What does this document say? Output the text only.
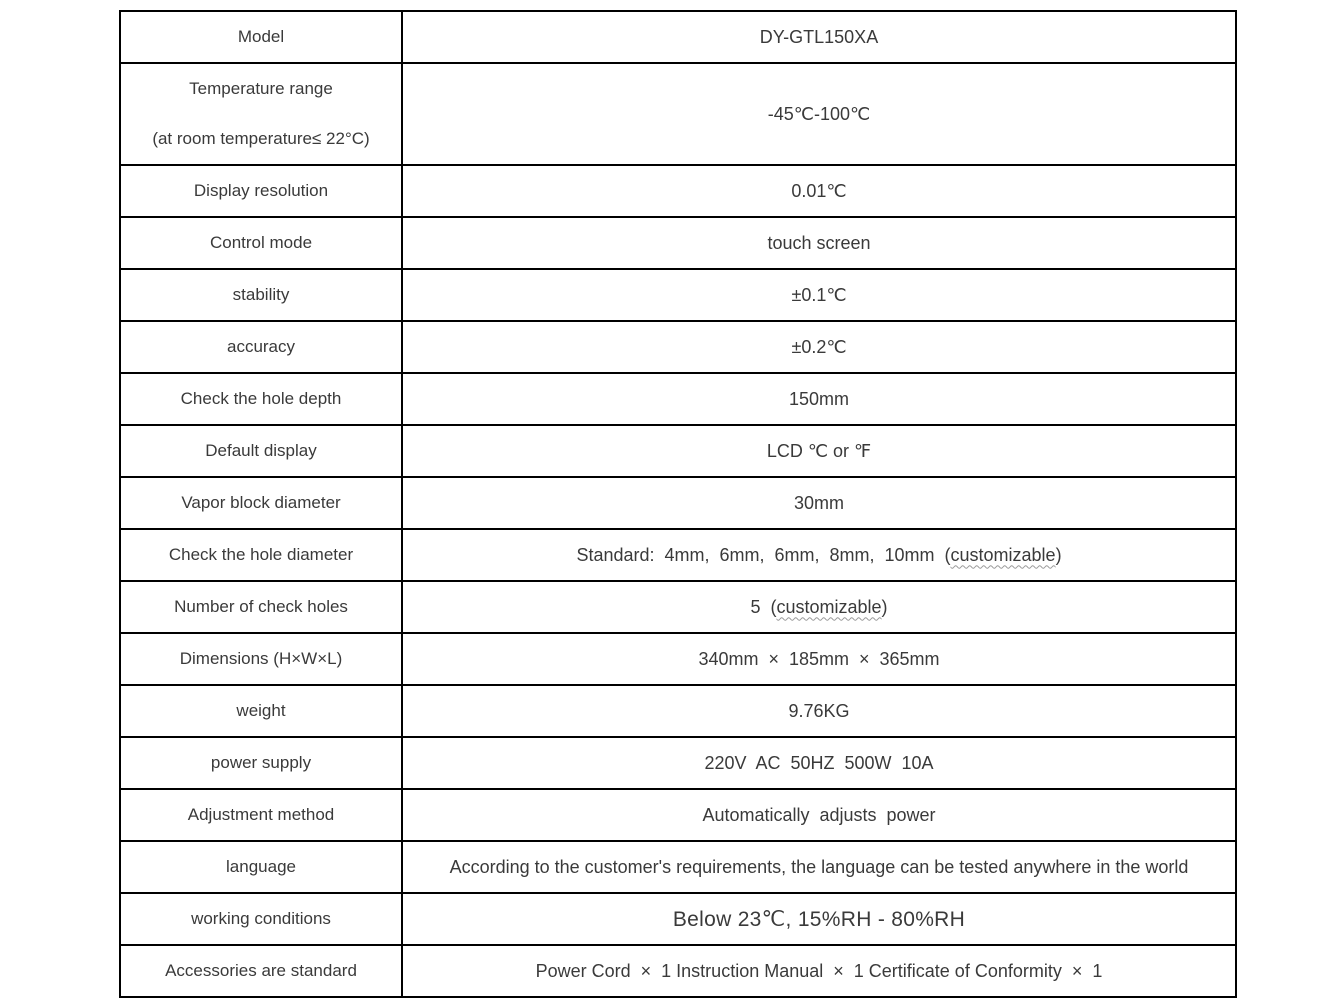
Model	DY-GTL150XA

Temperature range
(at room temperature≤ 22°C)	-45℃-100℃
Display resolution	0.01℃
Control mode	touch screen
stability	±0.1℃
accuracy	±0.2℃
Check the hole depth	150mm
Default display	LCD ℃ or ℉
Vapor block diameter	30mm
Check the hole diameter	Standard:  4mm,  6mm,  6mm,  8mm,  10mm  (customizable)
Number of check holes	5  (customizable)
Dimensions (H×W×L)	340mm  ×  185mm  ×  365mm
weight	9.76KG
power supply	220V  AC  50HZ  500W  10A
Adjustment method	Automatically  adjusts  power
language	According to the customer's requirements, the language can be tested anywhere in the world
working conditions	Below 23℃, 15%RH - 80%RH
Accessories are standard	Power Cord  ×  1 Instruction Manual  ×  1 Certificate of Conformity  ×  1
